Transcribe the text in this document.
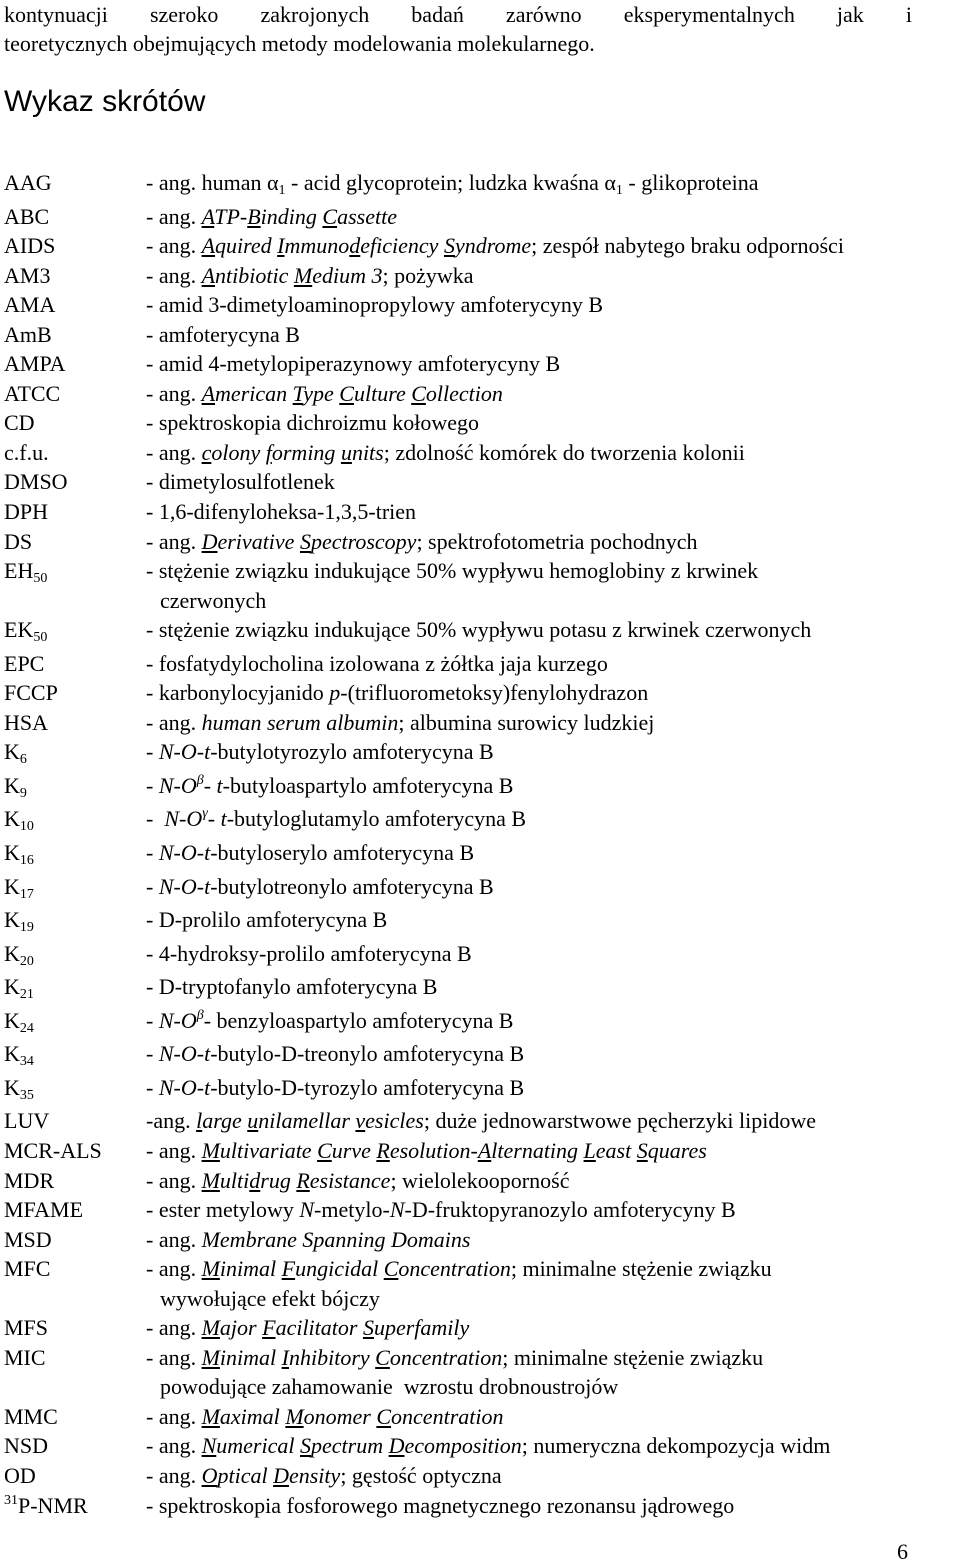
kontynuacji szeroko zakrojonych badań zarówno eksperymentalnych jak i

teoretycznych obejmujących metody modelowania molekularnego.

Wykaz skrótów
AAG	- ang. human $\alpha_1$ - acid glycoprotein; ludzka kwaśna $\alpha_1$ - glikoproteina
ABC	- ang. ATP-Binding Cassette
AIDS	- ang. Aquired Immunodeficiency Syndrome; zespół nabytego braku odporności
AM3	- ang. Antibiotic Medium 3; pożywka
AMA	- amid 3-dimetyloaminopropylowy amfoterycyny B
AmB	- amfoterycyna B
AMPA	- amid 4-metylopiperazynowy amfoterycyny B
ATCC	- ang. American Type Culture Collection
CD	- spektroskopia dichroizmu kołowego
c.f.u.	- ang. colony forming units; zdolność komórek do tworzenia kolonii
DMSO	- dimetylosulfotlenek
DPH	- 1,6-difenyloheksa-1,3,5-trien
DS	- ang. Derivative Spectroscopy; spektrofotometria pochodnych
$EH_{50}$	- stężenie związku indukujące 50% wypływu hemoglobiny z krwinek
czerwonych
$EK_{50}$	- stężenie związku indukujące 50% wypływu potasu z krwinek czerwonych
EPC	- fosfatydylocholina izolowana z żółtka jaja kurzego
FCCP	- karbonylocyjanido p-(trifluorometoksy)fenylohydrazon
HSA	- ang. human serum albumin; albumina surowicy ludzkiej
$K_6$	- N-O-t-butylotyrozylo amfoterycyna B
$K_9$	- $N-O^\beta-$ t-butyloaspartylo amfoterycyna B
$K_{10}$	-  $N-O^\gamma-$ t-butyloglutamylo amfoterycyna B
$K_{16}$	- N-O-t-butyloserylo amfoterycyna B
$K_{17}$	- N-O-t-butylotreonylo amfoterycyna B
$K_{19}$	- D-prolilo amfoterycyna B
$K_{20}$	- 4-hydroksy-prolilo amfoterycyna B
$K_{21}$	- D-tryptofanylo amfoterycyna B
$K_{24}$	- $N-O^\beta-$ benzyloaspartylo amfoterycyna B
$K_{34}$	- N-O-t-butylo-D-treonylo amfoterycyna B
$K_{35}$	- N-O-t-butylo-D-tyrozylo amfoterycyna B
LUV	-ang. large unilamellar vesicles; duże jednowarstwowe pęcherzyki lipidowe
MCR-ALS	- ang. Multivariate Curve Resolution-Alternating Least Squares
MDR	- ang. Multidrug Resistance; wielolekooporność
MFAME	- ester metylowy N-metylo-N-D-fruktopyranozylo amfoterycyny B
MSD	- ang. Membrane Spanning Domains
MFC	- ang. Minimal Fungicidal Concentration; minimalne stężenie związku
wywołujące efekt bójczy
MFS	- ang. Major Facilitator Superfamily
MIC	- ang. Minimal Inhibitory Concentration; minimalne stężenie związku
powodujące zahamowanie  wzrostu drobnoustrojów
MMC	- ang. Maximal Monomer Concentration
NSD	- ang. Numerical Spectrum Decomposition; numeryczna dekompozycja widm
OD	- ang. Optical Density; gęstość optyczna
$^{31}$P-NMR	- spektroskopia fosforowego magnetycznego rezonansu jądrowego
6
